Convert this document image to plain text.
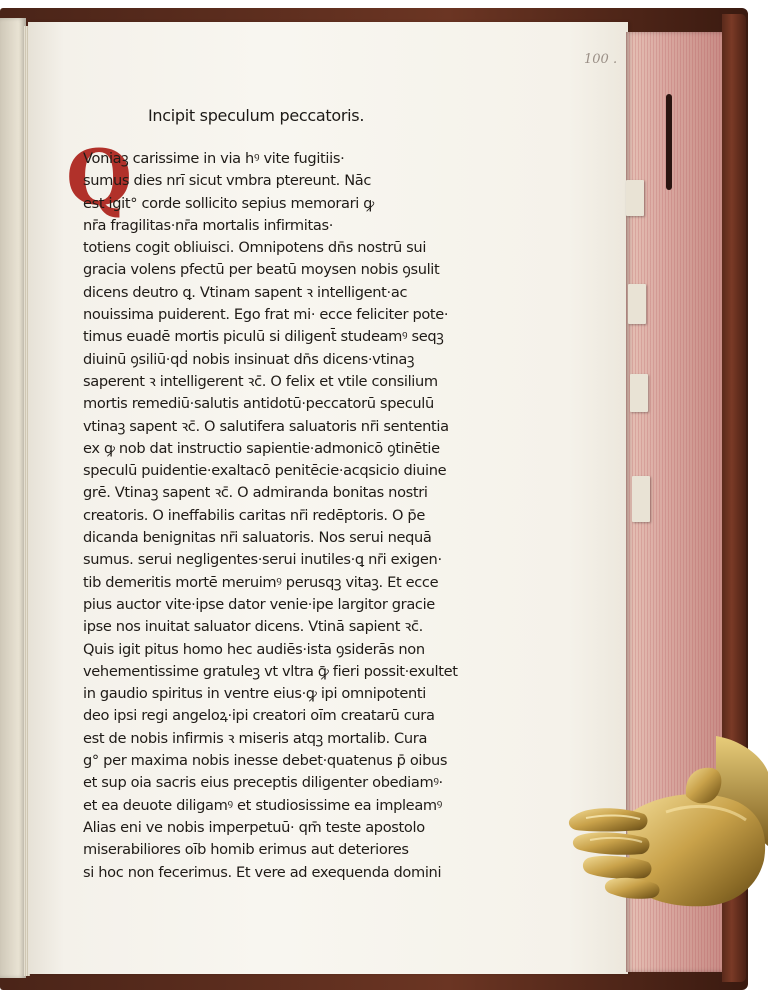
100 .
Incipit speculum peccatoris.
Q
Voniaꝫ carissime in via hꝰ vite fugitiis·
sumus dies nrī sicut vmbra ptereunt. Nāc
est igit° corde sollicito sepius memorari ꝙ
nr̄a fragilitas·nr̄a mortalis infirmitas·
totiens cogit obliuisci. Omnipotens dn̄s nostrū sui
gracia volens pfectū per beatū moysen nobis ꝯsulit
dicens deutro ꝗ. Vtinam sapent ꝛ intelligent·ac
nouissima puiderent. Ego frat mi· ecce feliciter pote·
timus euadē mortis piculū si diligent̄ studeamꝰ seqꝫ
diuinū ꝯsiliū·qḋ nobis insinuat dn̄s dicens·vtinaꝫ
saperent ꝛ intelligerent ꝛc̄. O felix et vtile consilium
mortis remediū·salutis antidotū·peccatorū speculū
vtinaꝫ sapent ꝛc̄. O salutifera saluatoris nr̄i sententia
ex ꝙ nob dat instructio sapientie·admonicō ꝯtinētie
speculū puidentie·exaltacō penitēcie·acqsicio diuine
grē. Vtinaꝫ sapent ꝛc̄. O admiranda bonitas nostri
creatoris. O ineffabilis caritas nr̄i redēptoris. O p̄e
dicanda benignitas nr̄i saluatoris. Nos serui nequā
sumus. serui negligentes·serui inutiles·ꝗ nr̄i exigen·
tib demeritis mortē meruimꝰ perusqꝫ vitaꝫ. Et ecce
pius auctor vite·ipse dator venie·ipe largitor gracie
ipse nos inuitat saluator dicens. Vtinā sapient ꝛc̄.
Quis igit pitus homo hec audiēs·ista ꝯsiderās non
vehementissime gratuleꝫ vt vltra ꝙ̄ fieri possit·exultet
in gaudio spiritus in ventre eius·ꝙ ipi omnipotenti
deo ipsi regi angeloꝝ·ipi creatori oīm creatarū cura
est de nobis infirmis ꝛ miseris atqꝫ mortalib. Cura
g° per maxima nobis inesse debet·quatenus p̄ oibus
et sup oia sacris eius preceptis diligenter obediamꝰ·
et ea deuote diligamꝰ et studiosissime ea impleamꝰ
Alias eni ve nobis imperpetuū· qm̄ teste apostolo
miserabiliores oīb homib erimus aut deteriores
si hoc non fecerimus. Et vere ad exequenda domini
